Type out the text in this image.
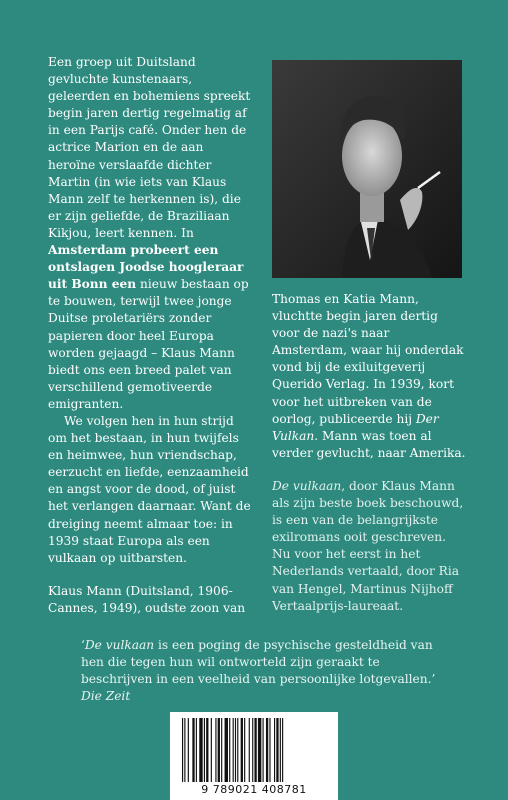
Een groep uit Duitsland gevluchte kunstenaars, geleerden en bohemiens spreekt begin jaren dertig regelmatig af in een Parijs café. Onder hen de actrice Marion en de aan heroïne verslaafde dichter Martin (in wie iets van Klaus Mann zelf te herkennen is), die er zijn geliefde, de Braziliaan Kikjou, leert kennen. In Amsterdam probeert een ontslagen Joodse hoogleraar uit Bonn een nieuw bestaan op te bouwen, terwijl twee jonge Duitse proletariërs zonder papieren door heel Europa worden gejaagd – Klaus Mann biedt ons een breed palet van verschillend gemotiveerde emigranten.

We volgen hen in hun strijd om het bestaan, in hun twijfels en heimwee, hun vriendschap, eerzucht en liefde, eenzaamheid en angst voor de dood, of juist het verlangen daarnaar. Want de dreiging neemt almaar toe: in 1939 staat Europa als een vulkaan op uitbarsten.

Klaus Mann (Duitsland, 1906-Cannes, 1949), oudste zoon van

Thomas en Katia Mann, vluchtte begin jaren dertig voor de nazi's naar Amsterdam, waar hij onderdak vond bij de exiluitgeverij Querido Verlag. In 1939, kort voor het uitbreken van de oorlog, publiceerde hij Der Vulkan. Mann was toen al verder gevlucht, naar Amerika.

De vulkaan, door Klaus Mann als zijn beste boek beschouwd, is een van de belangrijkste exilromans ooit geschreven. Nu voor het eerst in het Nederlands vertaald, door Ria van Hengel, Martinus Nijhoff Vertaalprijs-laureaat.

‘De vulkaan is een poging de psychische gesteldheid van hen die tegen hun wil ontworteld zijn geraakt te beschrijven in een veelheid van persoonlijke lotgevallen.’ Die Zeit
9 789021 408781
